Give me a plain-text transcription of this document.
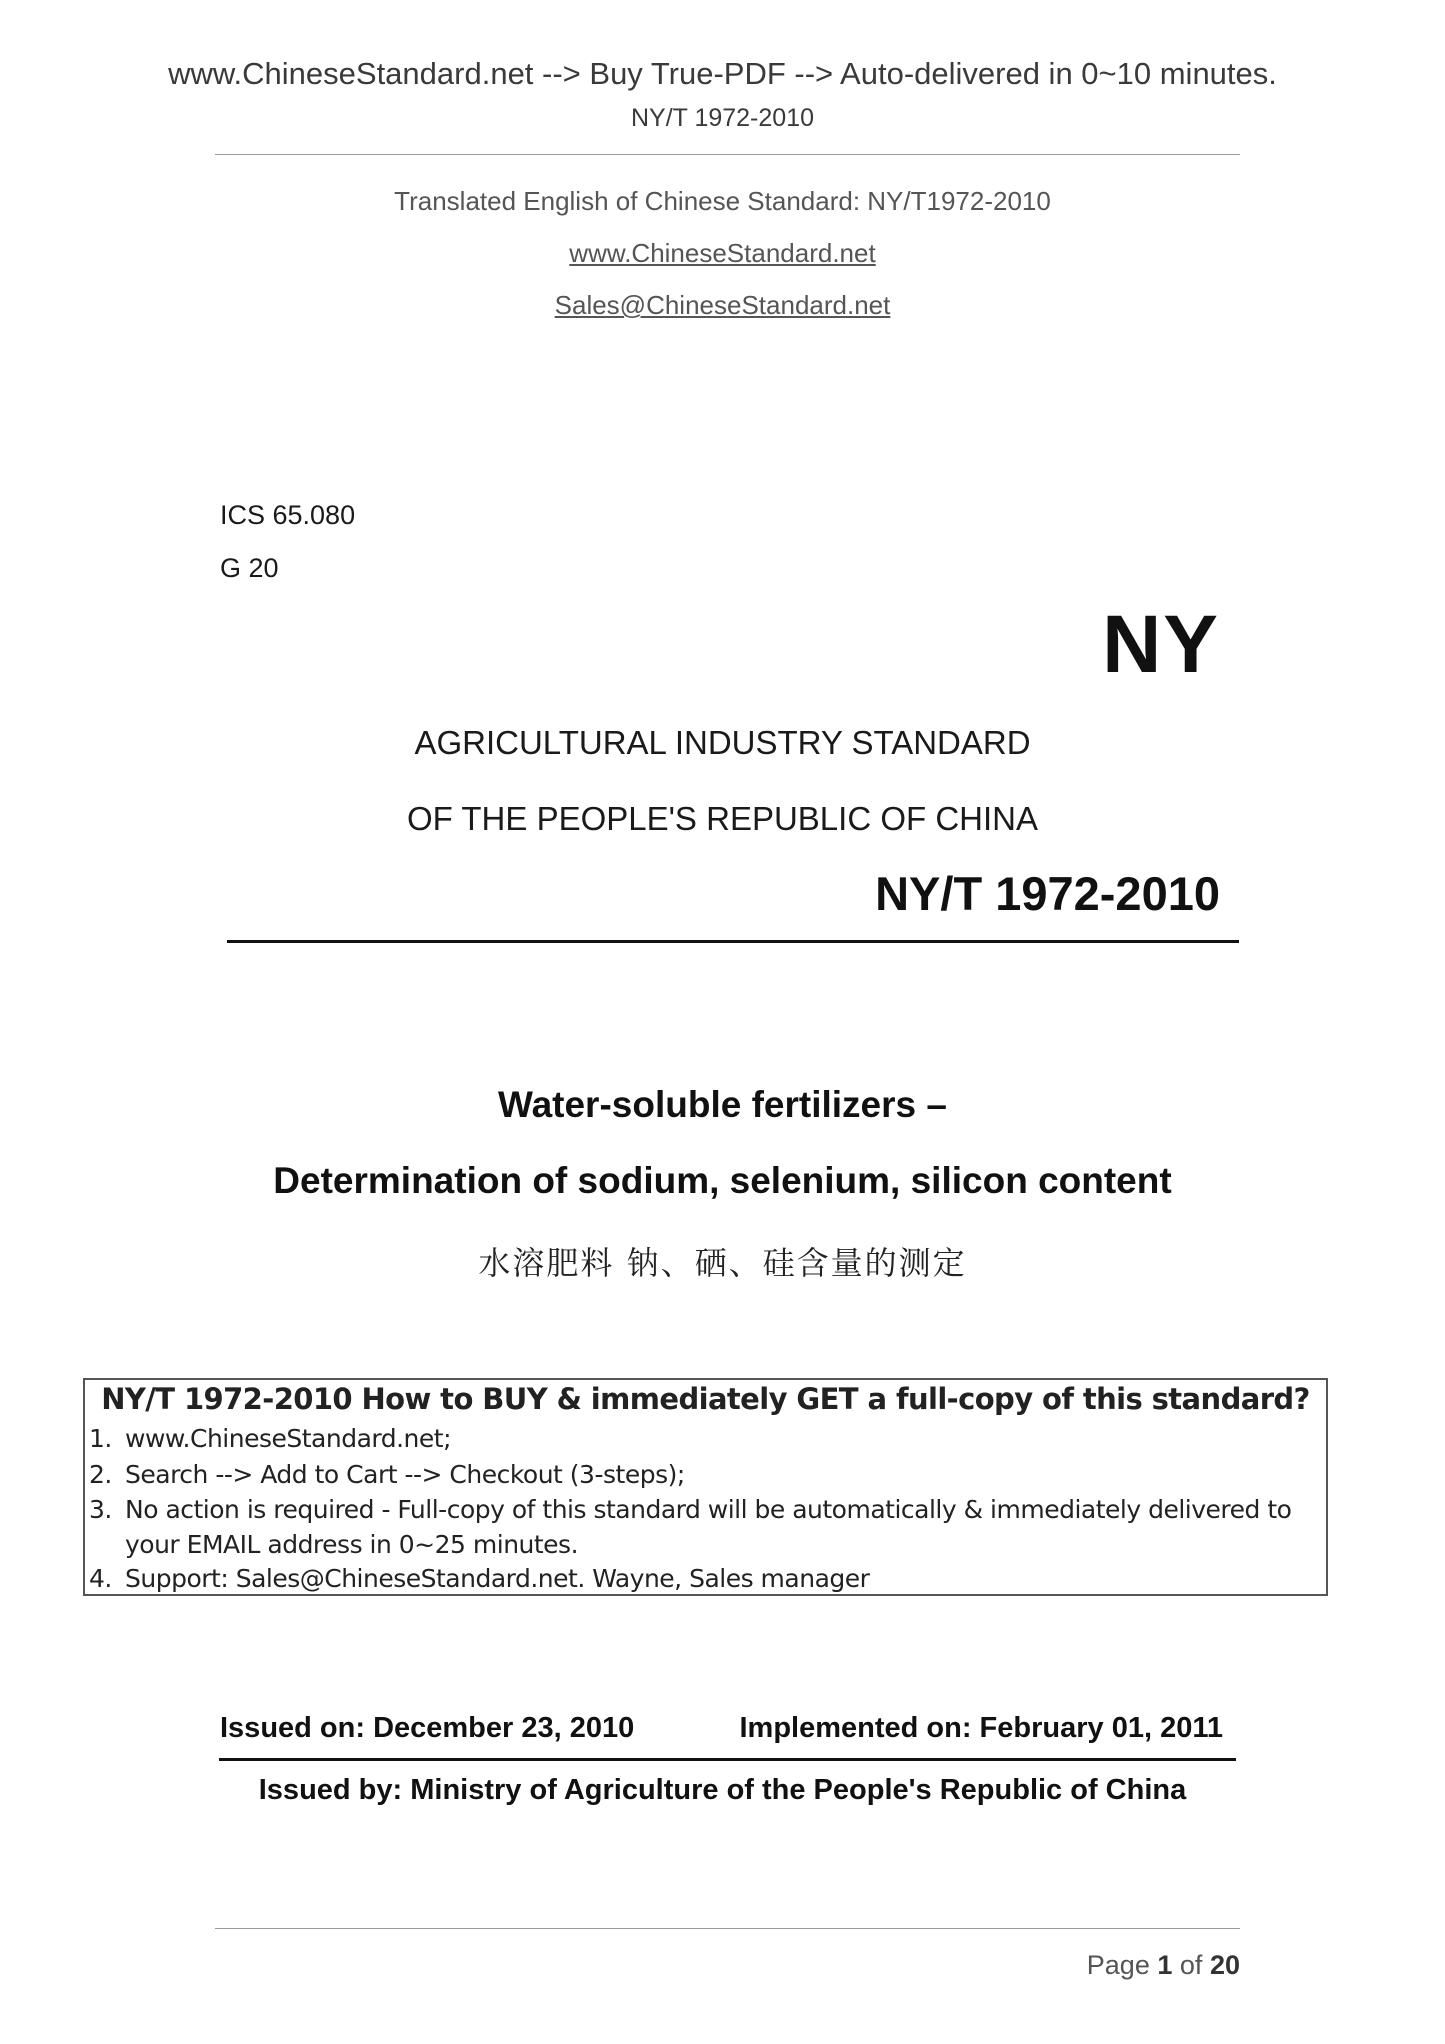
www.ChineseStandard.net --> Buy True-PDF --> Auto-delivered in 0~10 minutes.
NY/T 1972-2010
Translated English of Chinese Standard: NY/T1972-2010
www.ChineseStandard.net
Sales@ChineseStandard.net
ICS 65.080
G 20
NY
AGRICULTURAL INDUSTRY STANDARD
OF THE PEOPLE'S REPUBLIC OF CHINA
NY/T 1972-2010
Water-soluble fertilizers –
Determination of sodium, selenium, silicon content
水溶肥料 钠、硒、硅含量的测定
NY/T 1972-2010 How to BUY & immediately GET a full-copy of this standard?
1. www.ChineseStandard.net;
2. Search --> Add to Cart --> Checkout (3-steps);
3. No action is required - Full-copy of this standard will be automatically & immediately delivered to
your EMAIL address in 0~25 minutes.
4. Support: Sales@ChineseStandard.net. Wayne, Sales manager
Issued on: December 23, 2010	Implemented on: February 01, 2011
Issued by: Ministry of Agriculture of the People's Republic of China
Page 1 of 20
